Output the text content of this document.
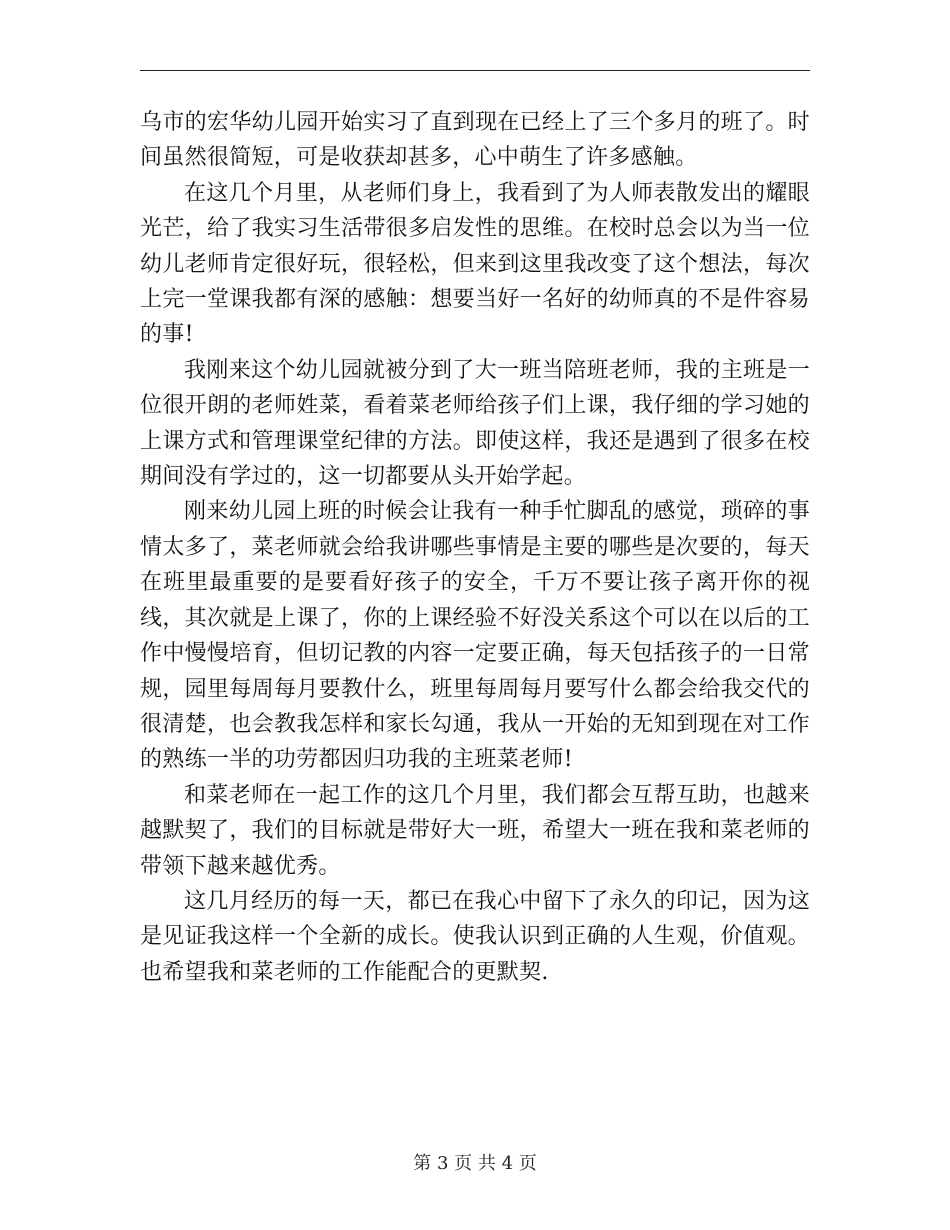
乌市的宏华幼儿园开始实习了直到现在已经上了三个多月的班了。时间虽然很简短，可是收获却甚多，心中萌生了许多感触。

在这几个月里，从老师们身上，我看到了为人师表散发出的耀眼光芒，给了我实习生活带很多启发性的思维。在校时总会以为当一位幼儿老师肯定很好玩，很轻松，但来到这里我改变了这个想法，每次上完一堂课我都有深的感触：想要当好一名好的幼师真的不是件容易的事!

我刚来这个幼儿园就被分到了大一班当陪班老师，我的主班是一位很开朗的老师姓菜，看着菜老师给孩子们上课，我仔细的学习她的上课方式和管理课堂纪律的方法。即使这样，我还是遇到了很多在校期间没有学过的，这一切都要从头开始学起。

刚来幼儿园上班的时候会让我有一种手忙脚乱的感觉，琐碎的事情太多了，菜老师就会给我讲哪些事情是主要的哪些是次要的，每天在班里最重要的是要看好孩子的安全，千万不要让孩子离开你的视线，其次就是上课了，你的上课经验不好没关系这个可以在以后的工作中慢慢培育，但切记教的内容一定要正确，每天包括孩子的一日常规，园里每周每月要教什么，班里每周每月要写什么都会给我交代的很清楚，也会教我怎样和家长勾通，我从一开始的无知到现在对工作的熟练一半的功劳都因归功我的主班菜老师!

和菜老师在一起工作的这几个月里，我们都会互帮互助，也越来越默契了，我们的目标就是带好大一班，希望大一班在我和菜老师的带领下越来越优秀。

这几月经历的每一天，都已在我心中留下了永久的印记，因为这是见证我这样一个全新的成长。使我认识到正确的人生观，价值观。也希望我和菜老师的工作能配合的更默契.

第 3 页 共 4 页
